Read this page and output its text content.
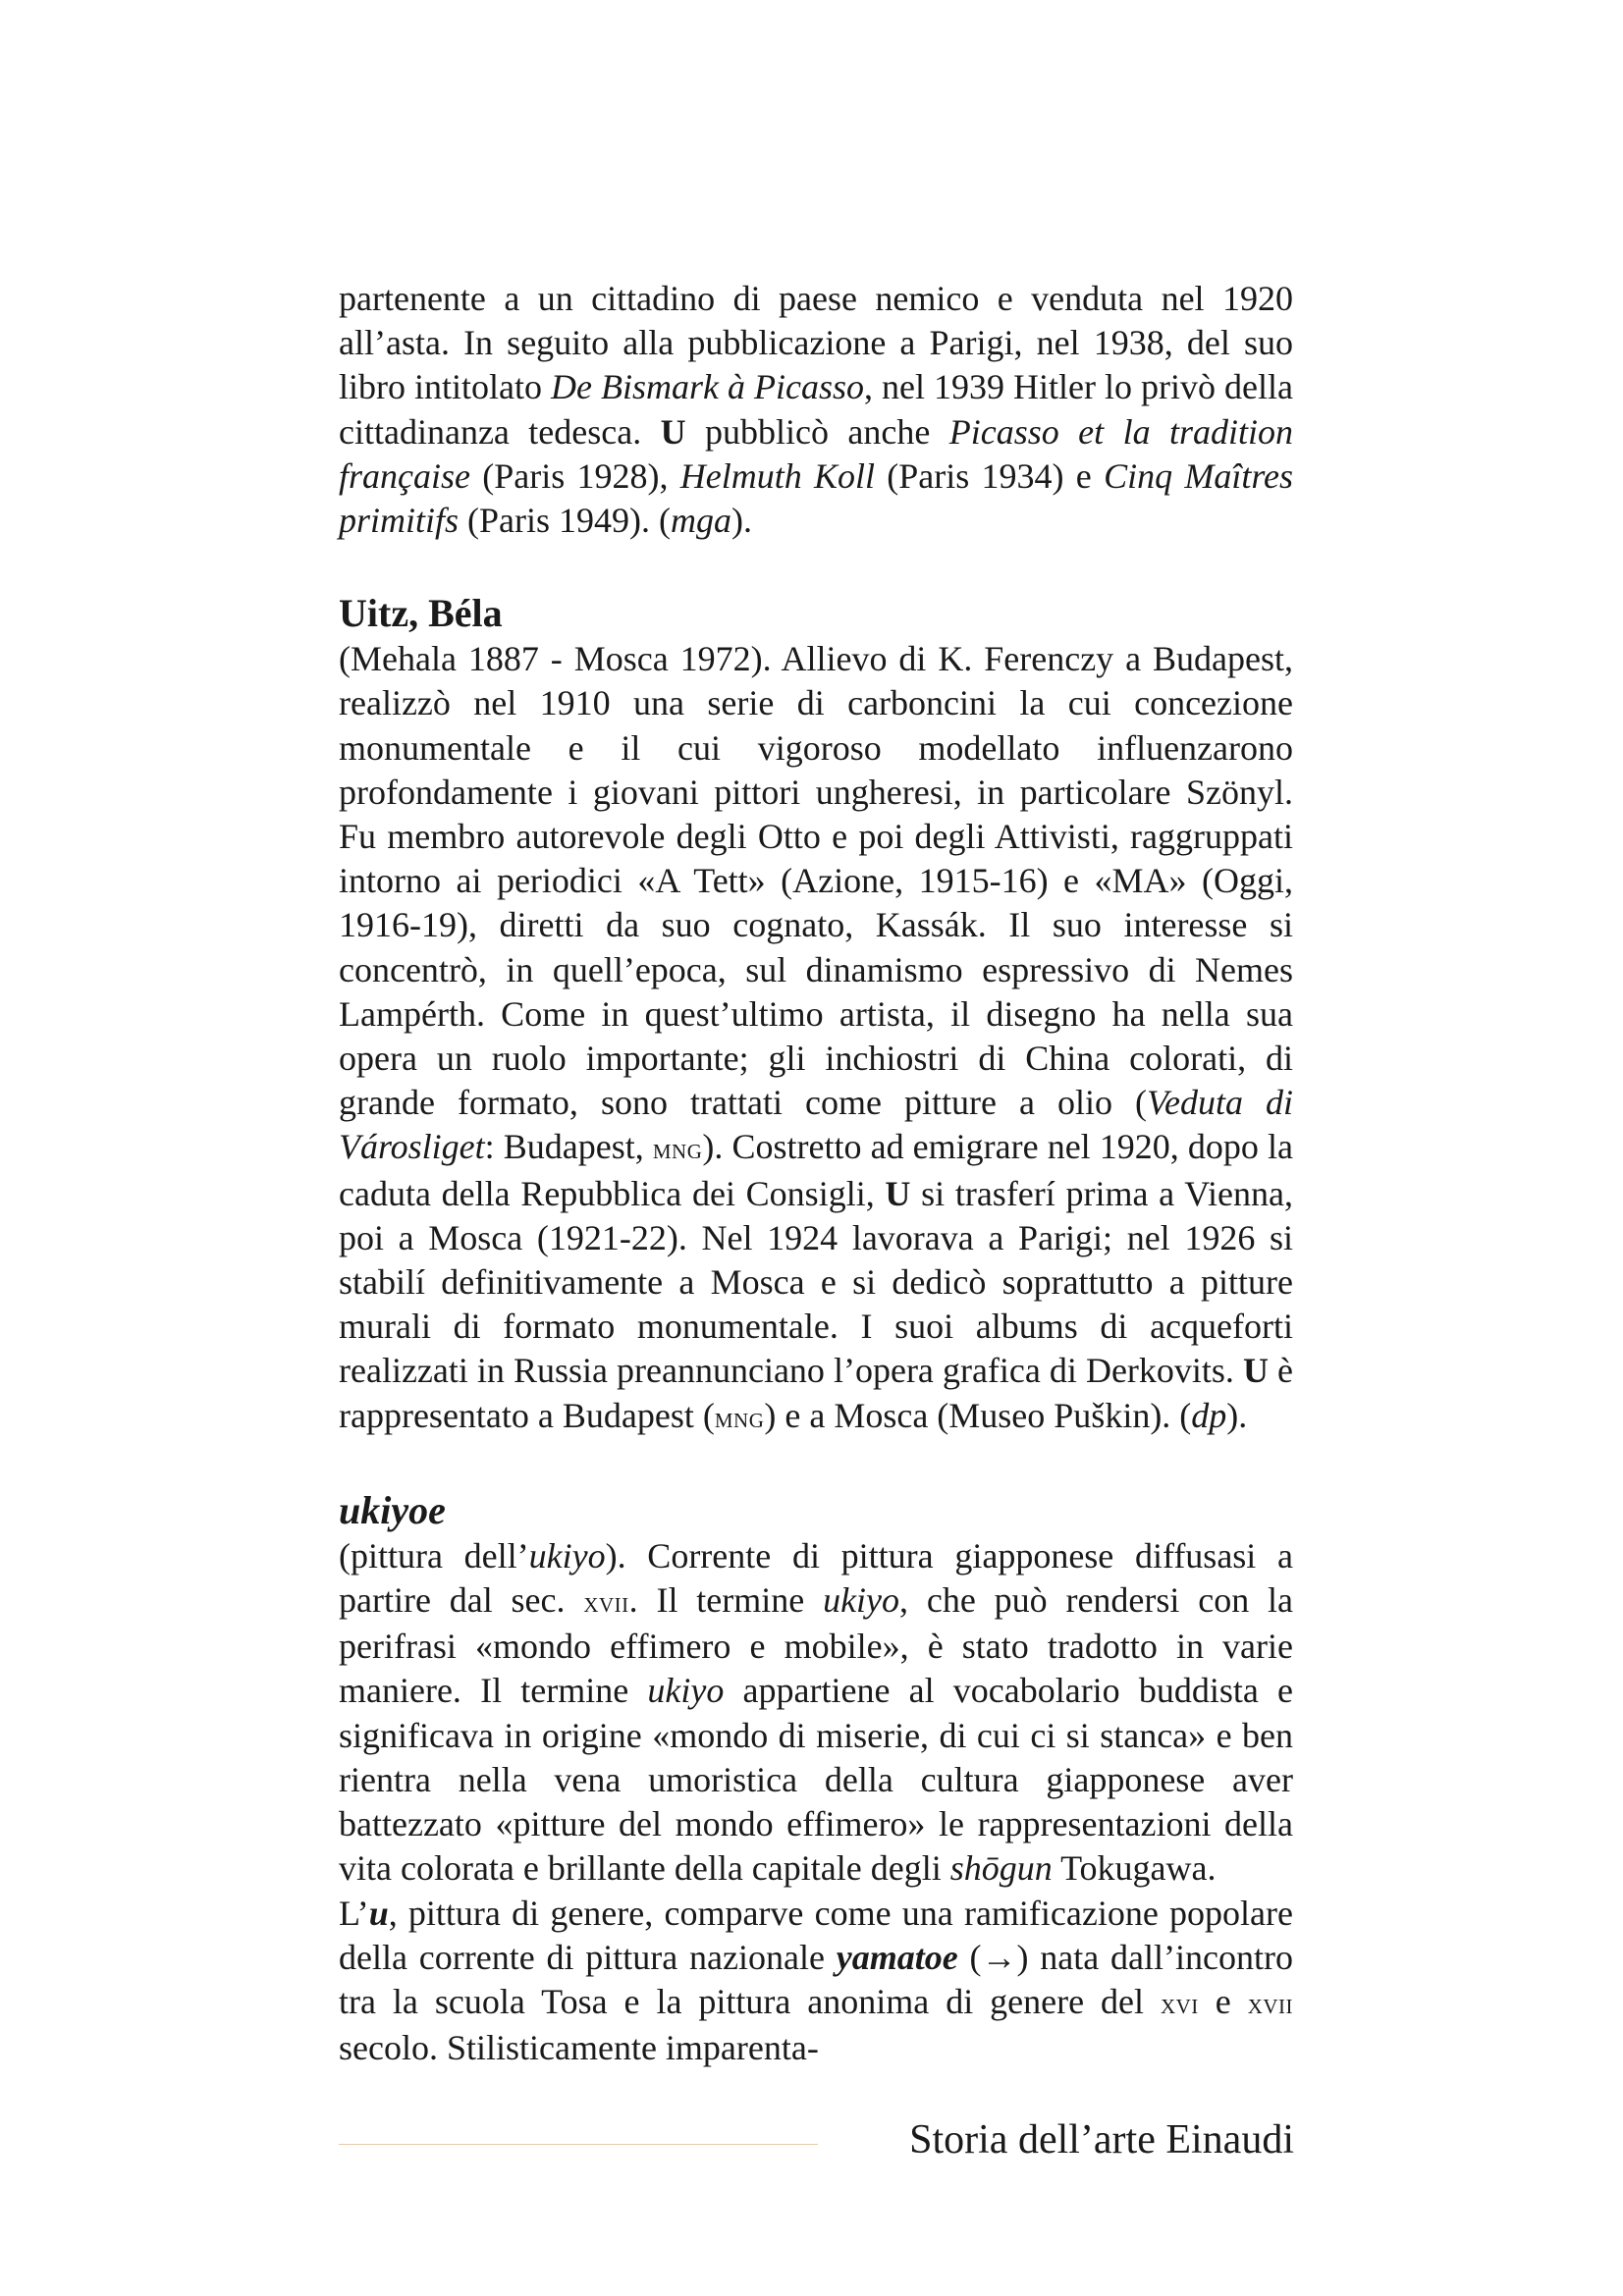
partenente a un cittadino di paese nemico e venduta nel 1920 all’asta. In seguito alla pubblicazione a Parigi, nel 1938, del suo libro intitolato De Bismark à Picasso, nel 1939 Hitler lo privò della cittadinanza tedesca. U pubblicò anche Picasso et la tradition française (Paris 1928), Helmuth Koll (Paris 1934) e Cinq Maîtres primitifs (Paris 1949). (mga).

Uitz, Béla

(Mehala 1887 - Mosca 1972). Allievo di K. Ferenczy a Budapest, realizzò nel 1910 una serie di carboncini la cui concezione monumentale e il cui vigoroso modellato influenzarono profondamente i giovani pittori ungheresi, in particolare Szönyl. Fu membro autorevole degli Otto e poi degli Attivisti, raggruppati intorno ai periodici «A Tett» (Azione, 1915-16) e «MA» (Oggi, 1916-19), diretti da suo cognato, Kassák. Il suo interesse si concentrò, in quell’epoca, sul dinamismo espressivo di Nemes Lampérth. Come in quest’ultimo artista, il disegno ha nella sua opera un ruolo importante; gli inchiostri di China colorati, di grande formato, sono trattati come pitture a olio (Veduta di Városliget: Budapest, mng). Costretto ad emigrare nel 1920, dopo la caduta della Repubblica dei Consigli, U si trasferí prima a Vienna, poi a Mosca (1921-22). Nel 1924 lavorava a Parigi; nel 1926 si stabilí definitivamente a Mosca e si dedicò soprattutto a pitture murali di formato monumentale. I suoi albums di acqueforti realizzati in Russia preannunciano l’opera grafica di Derkovits. U è rappresentato a Budapest (mng) e a Mosca (Museo Puškin). (dp).

ukiyoe

(pittura dell’ukiyo). Corrente di pittura giapponese diffusasi a partire dal sec. xvii. Il termine ukiyo, che può rendersi con la perifrasi «mondo effimero e mobile», è stato tradotto in varie maniere. Il termine ukiyo appartiene al vocabolario buddista e significava in origine «mondo di miserie, di cui ci si stanca» e ben rientra nella vena umoristica della cultura giapponese aver battezzato «pitture del mondo effimero» le rappresentazioni della vita colorata e brillante della capitale degli shōgun Tokugawa.

L’u, pittura di genere, comparve come una ramificazione popolare della corrente di pittura nazionale yamatoe (→) nata dall’incontro tra la scuola Tosa e la pittura anonima di genere del xvi e xvii secolo. Stilisticamente imparenta-

Storia dell’arte Einaudi
